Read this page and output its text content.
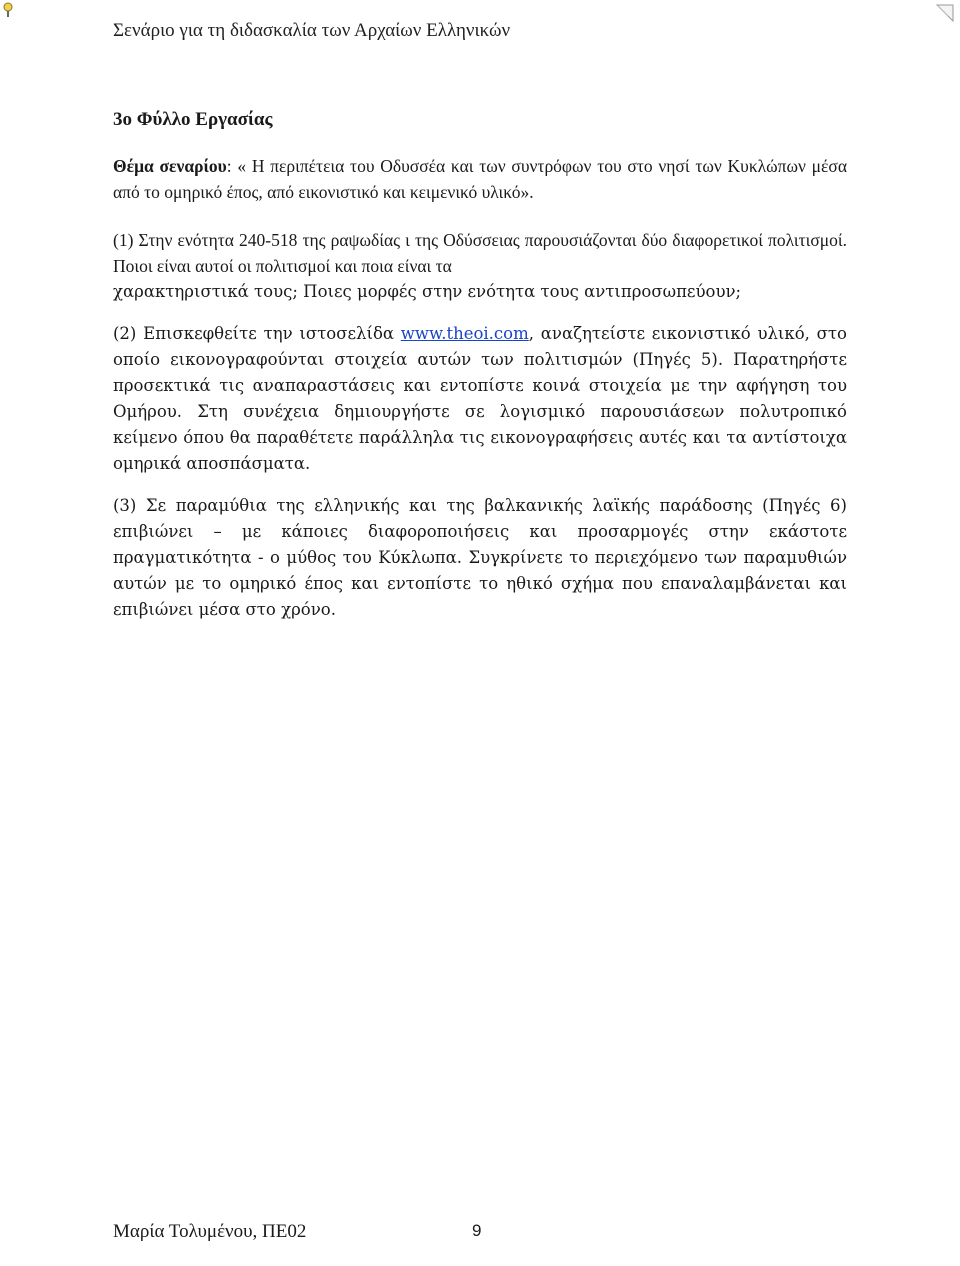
Σενάριο για τη διδασκαλία των Αρχαίων Ελληνικών
3ο Φύλλο Εργασίας

Θέμα σεναρίου: « Η περιπέτεια του Οδυσσέα και των συντρόφων του στο νησί των Κυκλώπων μέσα από το ομηρικό έπος, από εικονιστικό και κειμενικό υλικό».

(1) Στην ενότητα 240-518 της ραψωδίας ι της Οδύσσειας παρουσιάζονται δύο διαφορετικοί πολιτισμοί. Ποιοι είναι αυτοί οι πολιτισμοί και ποια είναι τα

χαρακτηριστικά τους; Ποιες μορφές στην ενότητα τους αντιπροσωπεύουν;

(2) Επισκεφθείτε την ιστοσελίδα www.theoi.com, αναζητείστε εικονιστικό υλικό, στο οποίο εικονογραφούνται στοιχεία αυτών των πολιτισμών (Πηγές 5). Παρατηρήστε προσεκτικά τις αναπαραστάσεις και εντοπίστε κοινά στοιχεία με την αφήγηση του Ομήρου. Στη συνέχεια δημιουργήστε σε λογισμικό παρουσιάσεων πολυτροπικό κείμενο όπου θα παραθέτετε παράλληλα τις εικονογραφήσεις αυτές και τα αντίστοιχα ομηρικά αποσπάσματα.

(3) Σε παραμύθια της ελληνικής και της βαλκανικής λαϊκής παράδοσης (Πηγές 6) επιβιώνει – με κάποιες διαφοροποιήσεις και προσαρμογές στην εκάστοτε πραγματικότητα - ο μύθος του Κύκλωπα. Συγκρίνετε το περιεχόμενο των παραμυθιών αυτών με το ομηρικό έπος και εντοπίστε το ηθικό σχήμα που επαναλαμβάνεται και επιβιώνει μέσα στο χρόνο.

Μαρία Τολυμένου, ΠΕ02	9
